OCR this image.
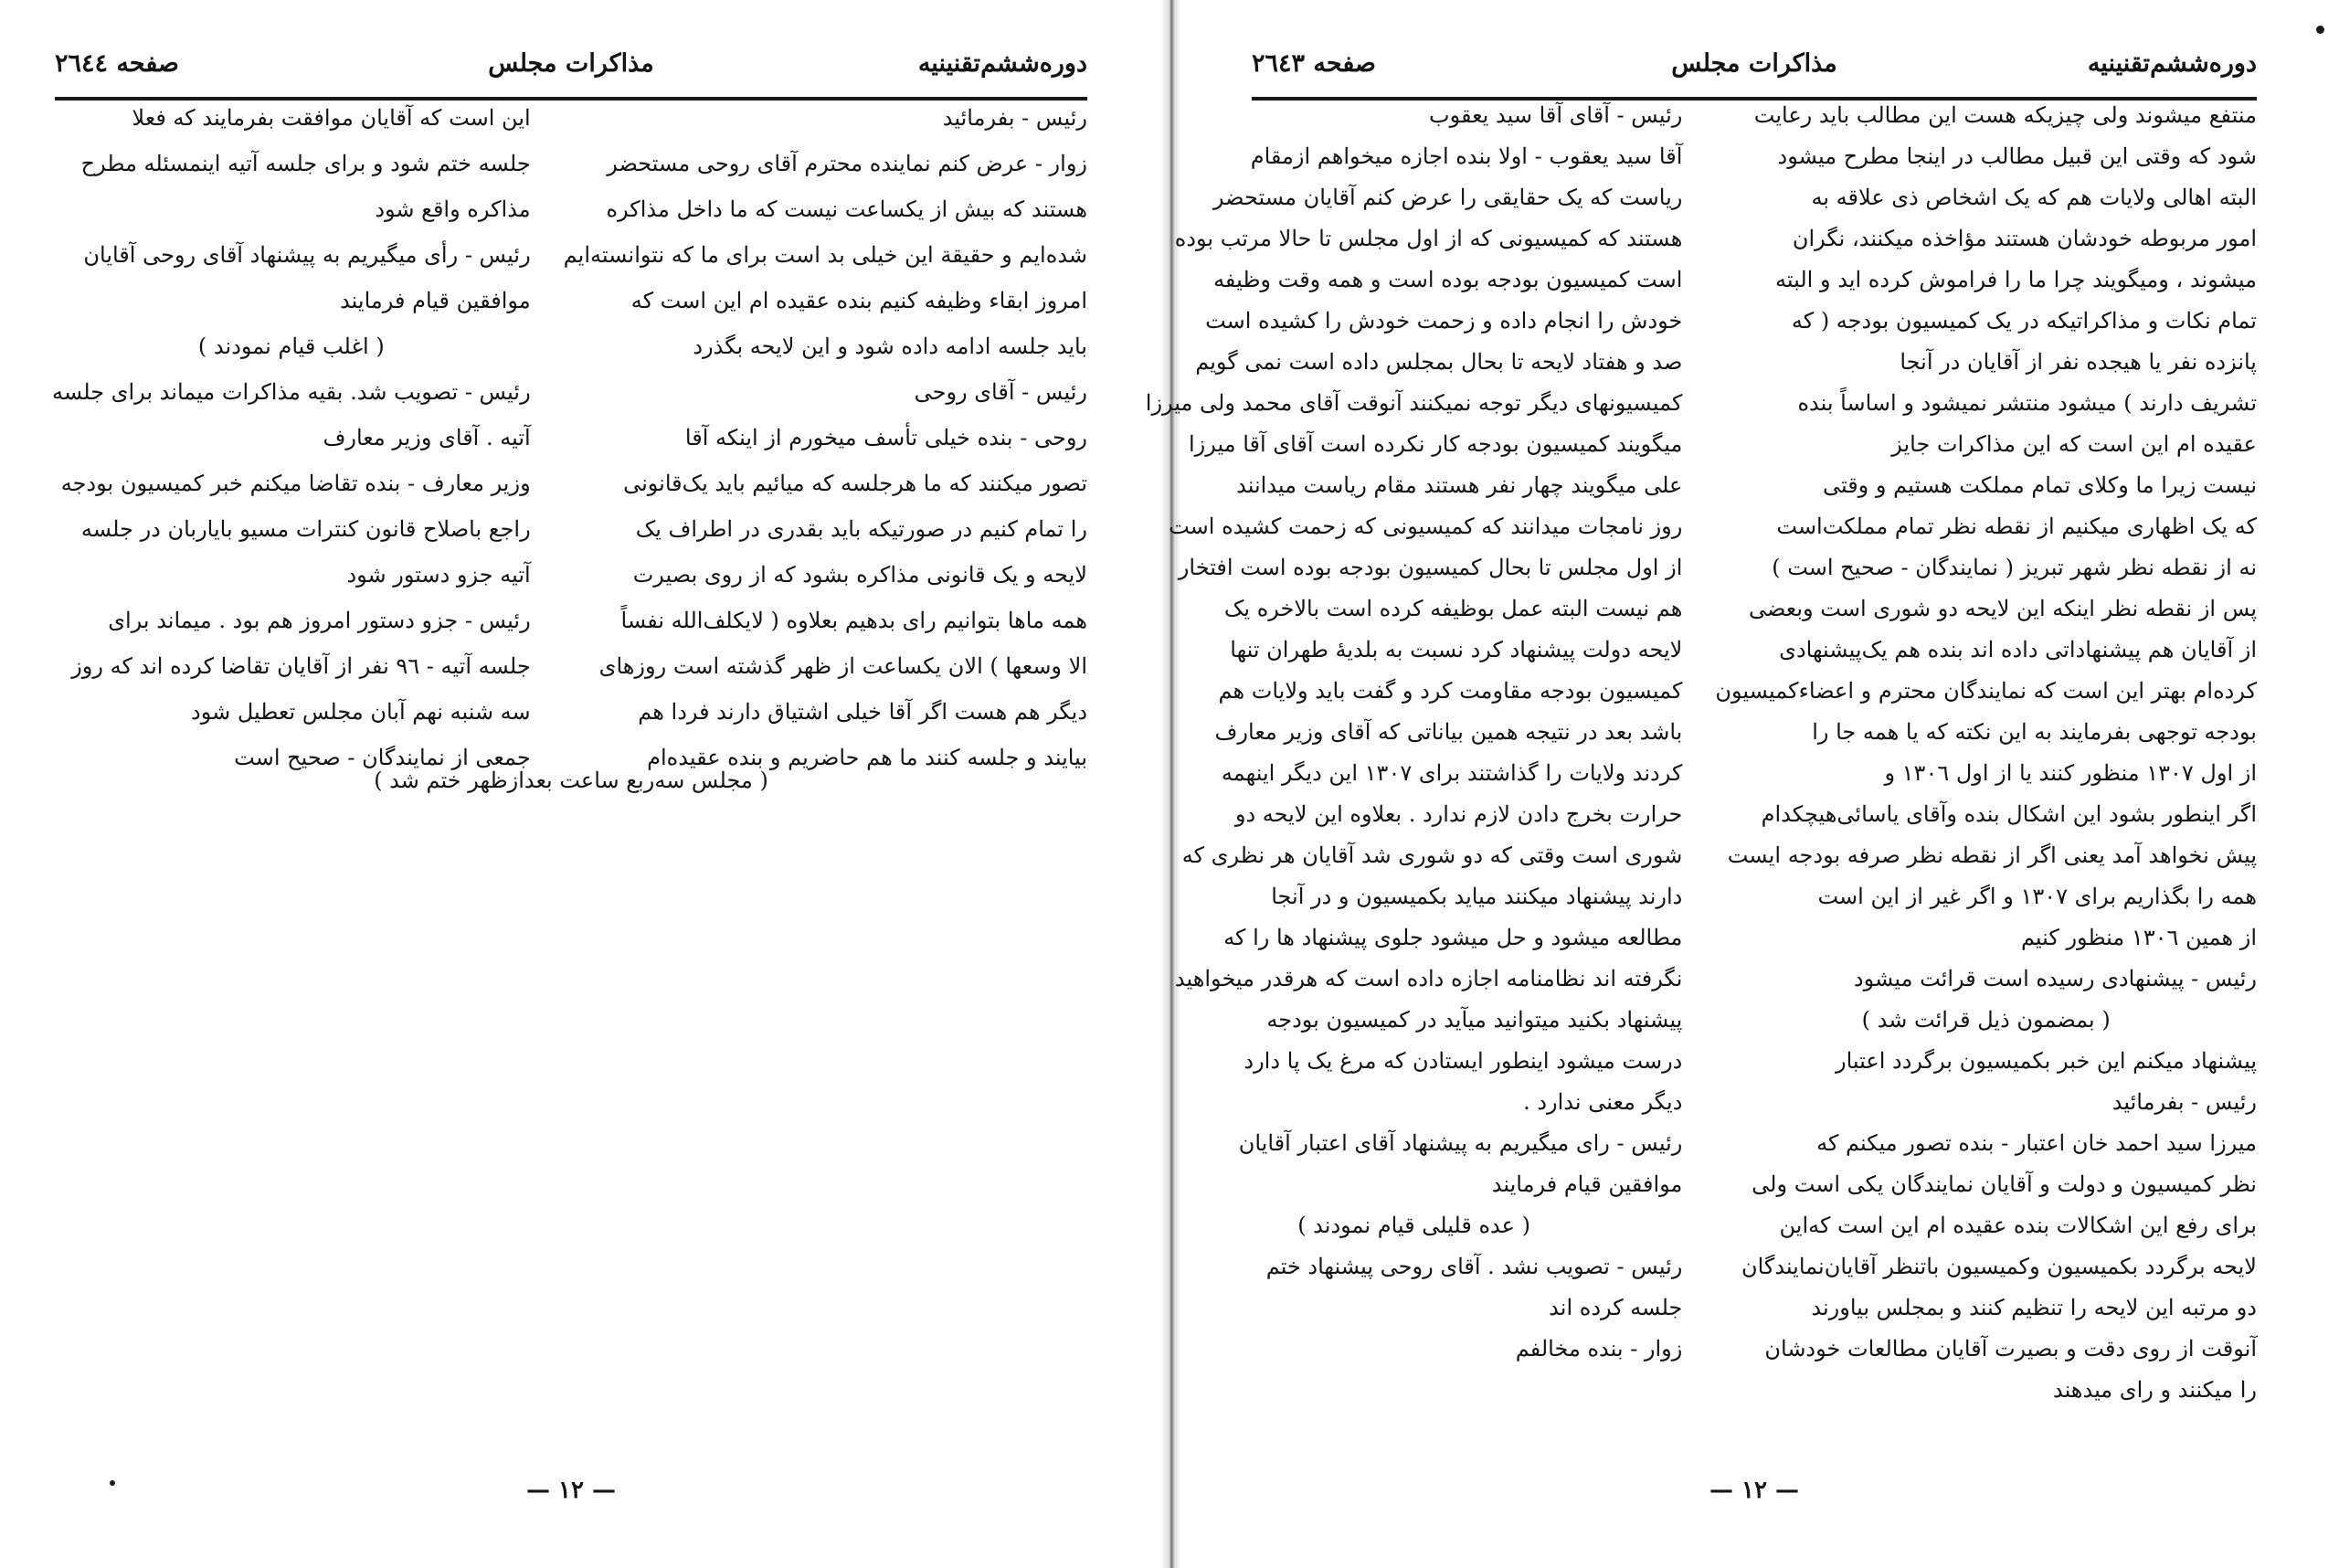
دوره‌ششم‌تقنینیه
مذاکرات مجلس
صفحه ۲٦٤٤
رئیس - بفرمائید
زوار - عرض کنم نماینده محترم آقای روحی مستحضر
هستند که بیش از یکساعت نیست که ما داخل مذاکره
شده‌ایم و حقیقة این خیلی بد است برای ما که نتوانسته‌ایم
امروز ابقاء وظیفه کنیم بنده عقیده ام این است که
باید جلسه ادامه داده شود و این لایحه بگذرد
رئیس - آقای روحی
روحی - بنده خیلی تأسف میخورم از اینکه آقا
تصور میکنند که ما هرجلسه که میائیم باید یک‌قانونی
را تمام کنیم در صورتیکه باید بقدری در اطراف یک
لایحه و یک قانونی مذاکره بشود که از روی بصیرت
همه ماها بتوانیم رای بدهیم بعلاوه ( لایکلف‌الله نفساً
الا وسعها ) الان یکساعت از ظهر گذشته است روزهای
دیگر هم هست اگر آقا خیلی اشتیاق دارند فردا هم
بیایند و جلسه کنند ما هم حاضریم و بنده عقیده‌ام
این است که آقایان موافقت بفرمایند که فعلا
جلسه ختم شود و برای جلسه آتیه اینمسئله مطرح
مذاکره واقع شود
رئیس - رأی میگیریم به پیشنهاد آقای روحی آقایان
موافقین قیام فرمایند
( اغلب قیام نمودند )
رئیس - تصویب شد. بقیه مذاکرات میماند برای جلسه
آتیه . آقای وزیر معارف
وزیر معارف - بنده تقاضا میکنم خبر کمیسیون بودجه
راجع باصلاح قانون کنترات مسیو بایاربان در جلسه
آتیه جزو دستور شود
رئیس - جزو دستور امروز هم بود . میماند برای
جلسه آتیه - ٩٦ نفر از آقایان تقاضا کرده اند که روز
سه شنبه نهم آبان مجلس تعطیل شود
جمعی از نمایندگان - صحیح است
( مجلس سه‌ربع ساعت بعدازظهر ختم شد )
— ١٢ —
دوره‌ششم‌تقنینیه
مذاکرات مجلس
صفحه ۲٦٤۳
منتفع میشوند ولی چیزیکه هست این مطالب باید رعایت
شود که وقتی این قبیل مطالب در اینجا مطرح میشود
البته اهالی ولایات هم که یک اشخاص ذی علاقه به
امور مربوطه خودشان هستند مؤاخذه میکنند، نگران
میشوند ، ومیگویند چرا ما را فراموش کرده اید و البته
تمام نکات و مذاکراتیکه در یک کمیسیون بودجه ( که
پانزده نفر یا هیجده نفر از آقایان در آنجا
تشریف دارند ) میشود منتشر نمیشود و اساساً بنده
عقیده ام این است که این مذاکرات جایز
نیست زیرا ما وکلای تمام مملکت هستیم و وقتی
که یک اظهاری میکنیم از نقطه نظر تمام مملکت‌است
نه از نقطه نظر شهر تبریز ( نمایندگان - صحیح است )
پس از نقطه نظر اینکه این لایحه دو شوری است وبعضی
از آقایان هم پیشنهاداتی داده اند بنده هم یک‌پیشنهادی
کرده‌ام بهتر این است که نمایندگان محترم و اعضاء‌کمیسیون
بودجه توجهی بفرمایند به این نکته که یا همه جا را
از اول ۱۳۰۷ منظور کنند یا از اول ۱۳۰٦ و
اگر اینطور بشود این اشکال بنده وآقای یاسائی‌هیچکدام
پیش نخواهد آمد یعنی اگر از نقطه نظر صرفه بودجه ایست
همه را بگذاریم برای ۱۳۰۷ و اگر غیر از این است
از همین ۱۳۰٦ منظور کنیم
رئیس - پیشنهادی رسیده است قرائت میشود
( بمضمون ذیل قرائت شد )
پیشنهاد میکنم این خبر بکمیسیون برگردد اعتبار
رئیس - بفرمائید
میرزا سید احمد خان اعتبار - بنده تصور میکنم که
نظر کمیسیون و دولت و آقایان نمایندگان یکی است ولی
برای رفع این اشکالات بنده عقیده ام این است که‌این
لایحه برگردد بکمیسیون وکمیسیون باتنظر آقایان‌نمایندگان
دو مرتبه این لایحه را تنظیم کنند و بمجلس بیاورند
آنوقت از روی دقت و بصیرت آقایان مطالعات خودشان
را میکنند و رای میدهند
رئیس - آقای آقا سید یعقوب
آقا سید یعقوب - اولا بنده اجازه میخواهم ازمقام
ریاست که یک حقایقی را عرض کنم آقایان مستحضر
هستند که کمیسیونی که از اول مجلس تا حالا مرتب بوده
است کمیسیون بودجه بوده است و همه وقت وظیفه
خودش را انجام داده و زحمت خودش را کشیده است
صد و هفتاد لایحه تا بحال بمجلس داده است نمی گویم
کمیسیونهای دیگر توجه نمیکنند آنوقت آقای محمد ولی میرزا
میگویند کمیسیون بودجه کار نکرده است آقای آقا میرزا
علی میگویند چهار نفر هستند مقام ریاست میدانند
روز نامجات میدانند که کمیسیونی که زحمت کشیده است
از اول مجلس تا بحال کمیسیون بودجه بوده است افتخار
هم نیست البته عمل بوظیفه کرده است بالاخره یک
لایحه دولت پیشنهاد کرد نسبت به بلدیهٔ طهران تنها
کمیسیون بودجه مقاومت کرد و گفت باید ولایات هم
باشد بعد در نتیجه همین بیاناتی که آقای وزیر معارف
کردند ولایات را گذاشتند برای ۱۳۰۷ این دیگر اینهمه
حرارت بخرج دادن لازم ندارد . بعلاوه این لایحه دو
شوری است وقتی که دو شوری شد آقایان هر نظری که
دارند پیشنهاد میکنند میاید بکمیسیون و در آنجا
مطالعه میشود و حل میشود جلوی پیشنهاد ها را که
نگرفته اند نظامنامه اجازه داده است که هرقدر میخواهید
پیشنهاد بکنید میتوانید میآید در کمیسیون بودجه
درست میشود اینطور ایستادن که مرغ یک پا دارد
دیگر معنی ندارد .
رئیس - رای میگیریم به پیشنهاد آقای اعتبار آقایان
موافقین قیام فرمایند
( عده قلیلی قیام نمودند )
رئیس - تصویب نشد . آقای روحی پیشنهاد ختم
جلسه کرده اند
زوار - بنده مخالفم
— ١٢ —
